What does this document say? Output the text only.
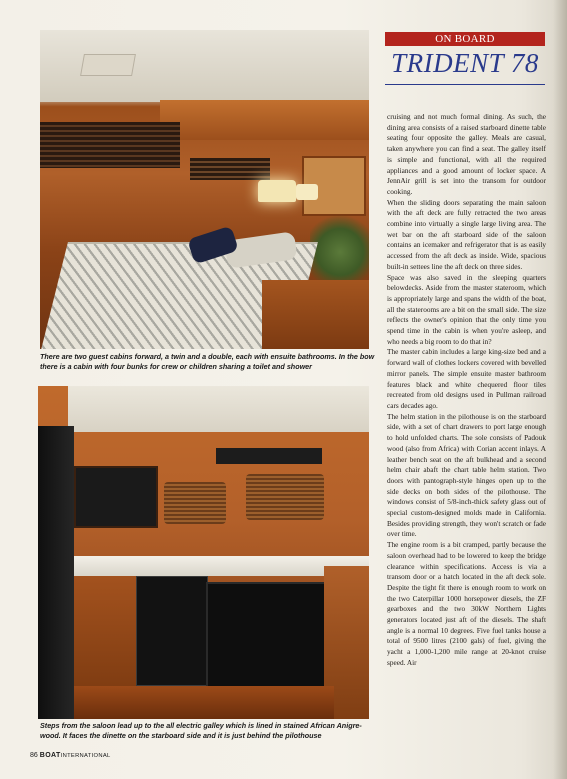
There are two guest cabins forward, a twin and a double, each with ensuite bathrooms. In the bow there is a cabin with four bunks for crew or children sharing a toilet and shower

Steps from the saloon lead up to the all electric galley which is lined in stained African Anigre-wood. It faces the dinette on the starboard side and it is just behind the pilothouse

ON BOARD
TRIDENT 78

cruising and not much formal dining. As such, the dining area consists of a raised starboard dinette table seating four opposite the galley. Meals are casual, taken anywhere you can find a seat. The galley itself is simple and functional, with all the required appliances and a good amount of locker space. A JennAir grill is set into the transom for outdoor cooking.

When the sliding doors separating the main saloon with the aft deck are fully retracted the two areas combine into virtually a single large living area. The wet bar on the aft starboard side of the saloon contains an icemaker and refrigerator that is as easily accessed from the aft deck as inside. Wide, spacious built-in settees line the aft deck on three sides.

Space was also saved in the sleeping quarters belowdecks. Aside from the master stateroom, which is appropriately large and spans the width of the boat, all the staterooms are a bit on the small side. The size reflects the owner's opinion that the only time you spend time in the cabin is when you're asleep, and who needs a big room to do that in?

The master cabin includes a large king-size bed and a forward wall of clothes lockers covered with bevelled mirror panels. The simple ensuite master bathroom features black and white chequered floor tiles recreated from old designs used in Pullman railroad cars decades ago.

The helm station in the pilothouse is on the starboard side, with a set of chart drawers to port large enough to hold unfolded charts. The sole consists of Padouk wood (also from Africa) with Corian accent inlays. A leather bench seat on the aft bulkhead and a second helm chair abaft the chart table helm station. Two doors with pantograph-style hinges open up to the side decks on both sides of the pilothouse. The windows consist of 5/8-inch-thick safety glass out of special custom-designed molds made in California. Besides providing strength, they won't scratch or fade over time.

The engine room is a bit cramped, partly because the saloon overhead had to be lowered to keep the bridge clearance within specifications. Access is via a transom door or a hatch located in the aft deck sole. Despite the tight fit there is enough room to work on the two Caterpillar 1000 horsepower diesels, the ZF gearboxes and the two 30kW Northern Lights generators located just aft of the diesels. The shaft angle is a normal 10 degrees. Five fuel tanks house a total of 9500 litres (2100 gals) of fuel, giving the yacht a 1,000-1,200 mile range at 20-knot cruise speed. Air

86 BOATINTERNATIONAL
